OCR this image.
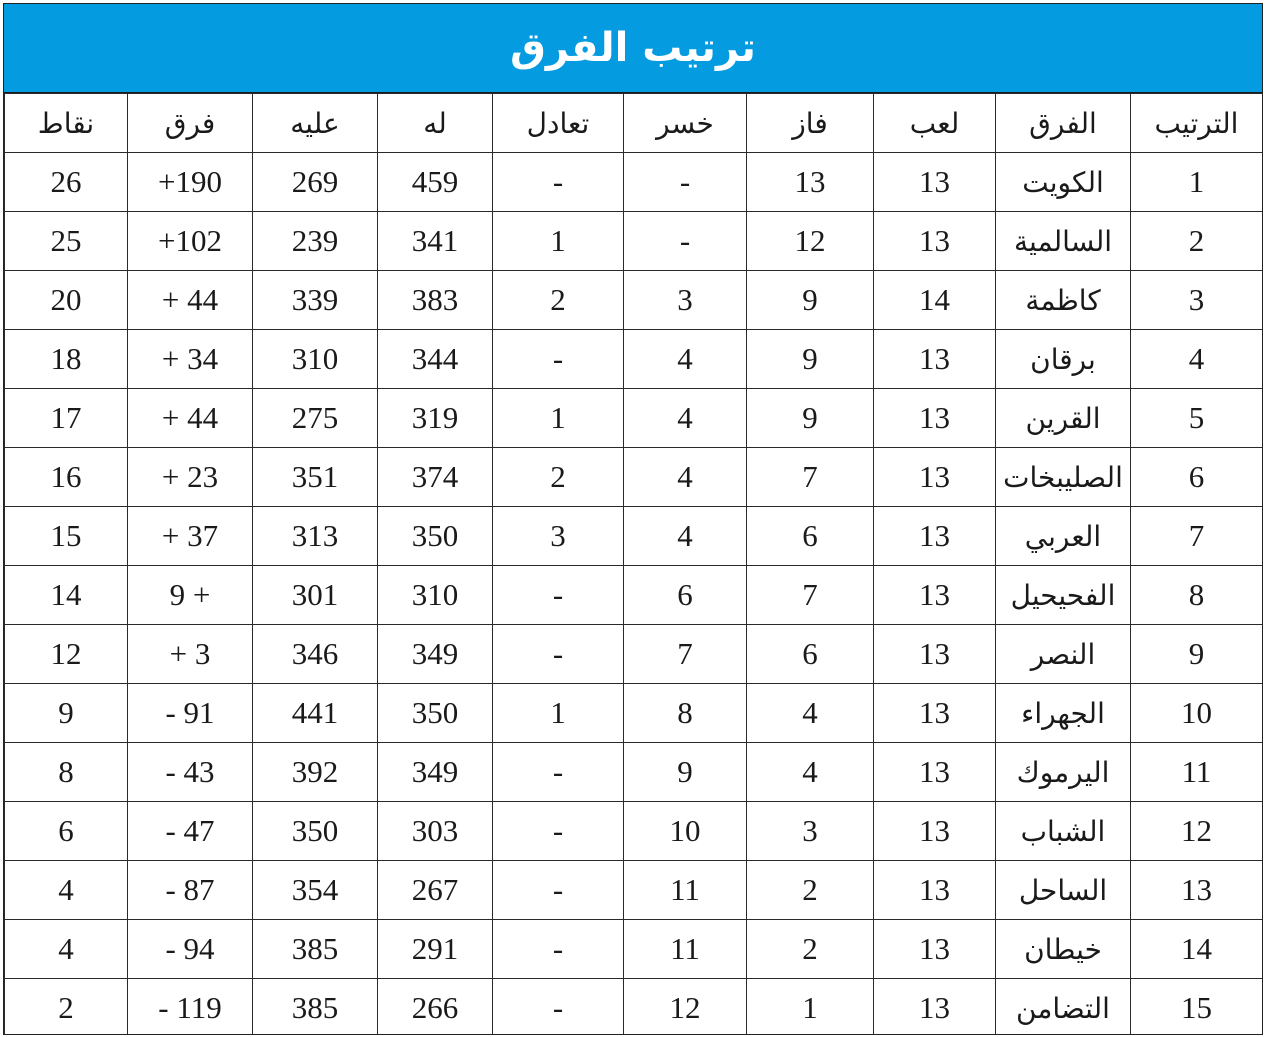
ترتيب الفرق
الترتيب	الفرق	لعب	فاز	خسر	تعادل	له	عليه	فرق	نقاط
1	الكويت	13	13	-	-	459	269	+190	26
2	السالمية	13	12	-	1	341	239	+102	25
3	كاظمة	14	9	3	2	383	339	+ 44	20
4	برقان	13	9	4	-	344	310	+ 34	18
5	القرين	13	9	4	1	319	275	+ 44	17
6	الصليبخات	13	7	4	2	374	351	+ 23	16
7	العربي	13	6	4	3	350	313	+ 37	15
8	الفحيحيل	13	7	6	-	310	301	9 +	14
9	النصر	13	6	7	-	349	346	+ 3	12
10	الجهراء	13	4	8	1	350	441	- 91	9
11	اليرموك	13	4	9	-	349	392	- 43	8
12	الشباب	13	3	10	-	303	350	- 47	6
13	الساحل	13	2	11	-	267	354	- 87	4
14	خيطان	13	2	11	-	291	385	- 94	4
15	التضامن	13	1	12	-	266	385	- 119	2
